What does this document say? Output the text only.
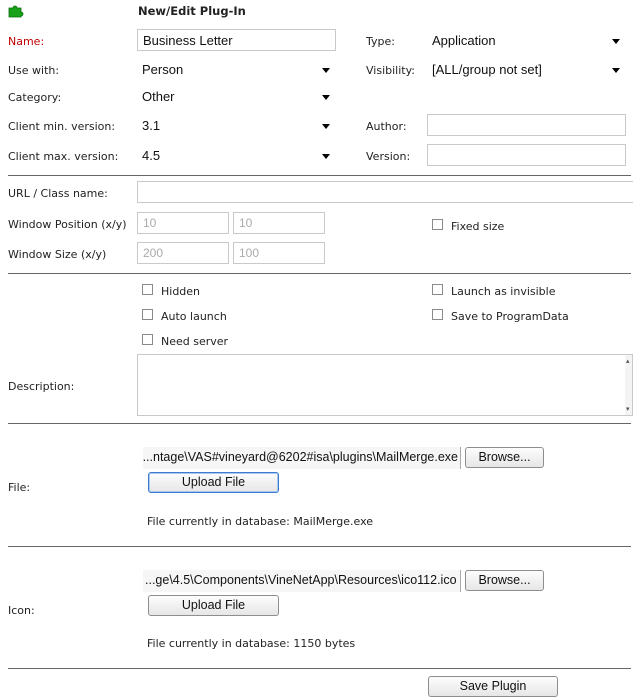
New/Edit Plug-In
Name:	Business Letter	Type:	Application
Use with:	Person	Visibility:	[ALL/group not set]
Category:	Other
Client min. version:	3.1	Author:
Client max. version:	4.5	Version:
URL / Class name:
Window Position (x/y)	10	10	Fixed size
Window Size (x/y)	200	100
Hidden	Launch as invisible
Auto launch	Save to ProgramData
Need server
Description:
▴
▾
File:
...ntage\VAS#vineyard@6202#isa\plugins\MailMerge.exe	Browse...
Upload File
File currently in database: MailMerge.exe
Icon:
...ge\4.5\Components\VineNetApp\Resources\ico112.ico	Browse...
Upload File
File currently in database: 1150 bytes
Save Plugin
